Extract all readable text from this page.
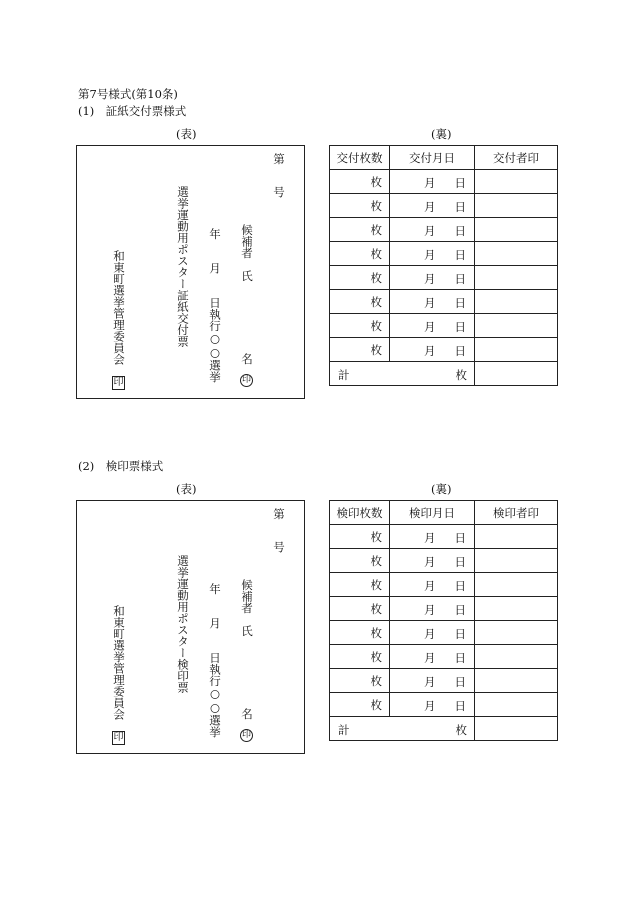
第7号様式(第10条)
(1)　証紙交付票様式
(表)	(裏)
第
号
候補者　氏
名
印
年　　月　　日執行○○選挙
選挙運動用ポスター証紙交付票
和東町選挙管理委員会
印
交付枚数	交付月日	交付者印
枚	月 日	

枚	月 日	

枚	月 日	

枚	月 日	

枚	月 日	

枚	月 日	

枚	月 日	

枚	月 日	

計 枚		

(2)　検印票様式
(表)	(裏)
第
号
候補者　氏
名
印
年　　月　　日執行○○選挙
選挙運動用ポスター検印票
和東町選挙管理委員会
印
検印枚数	検印月日	検印者印
枚	月 日	

枚	月 日	

枚	月 日	

枚	月 日	

枚	月 日	

枚	月 日	

枚	月 日	

枚	月 日	

計 枚		
